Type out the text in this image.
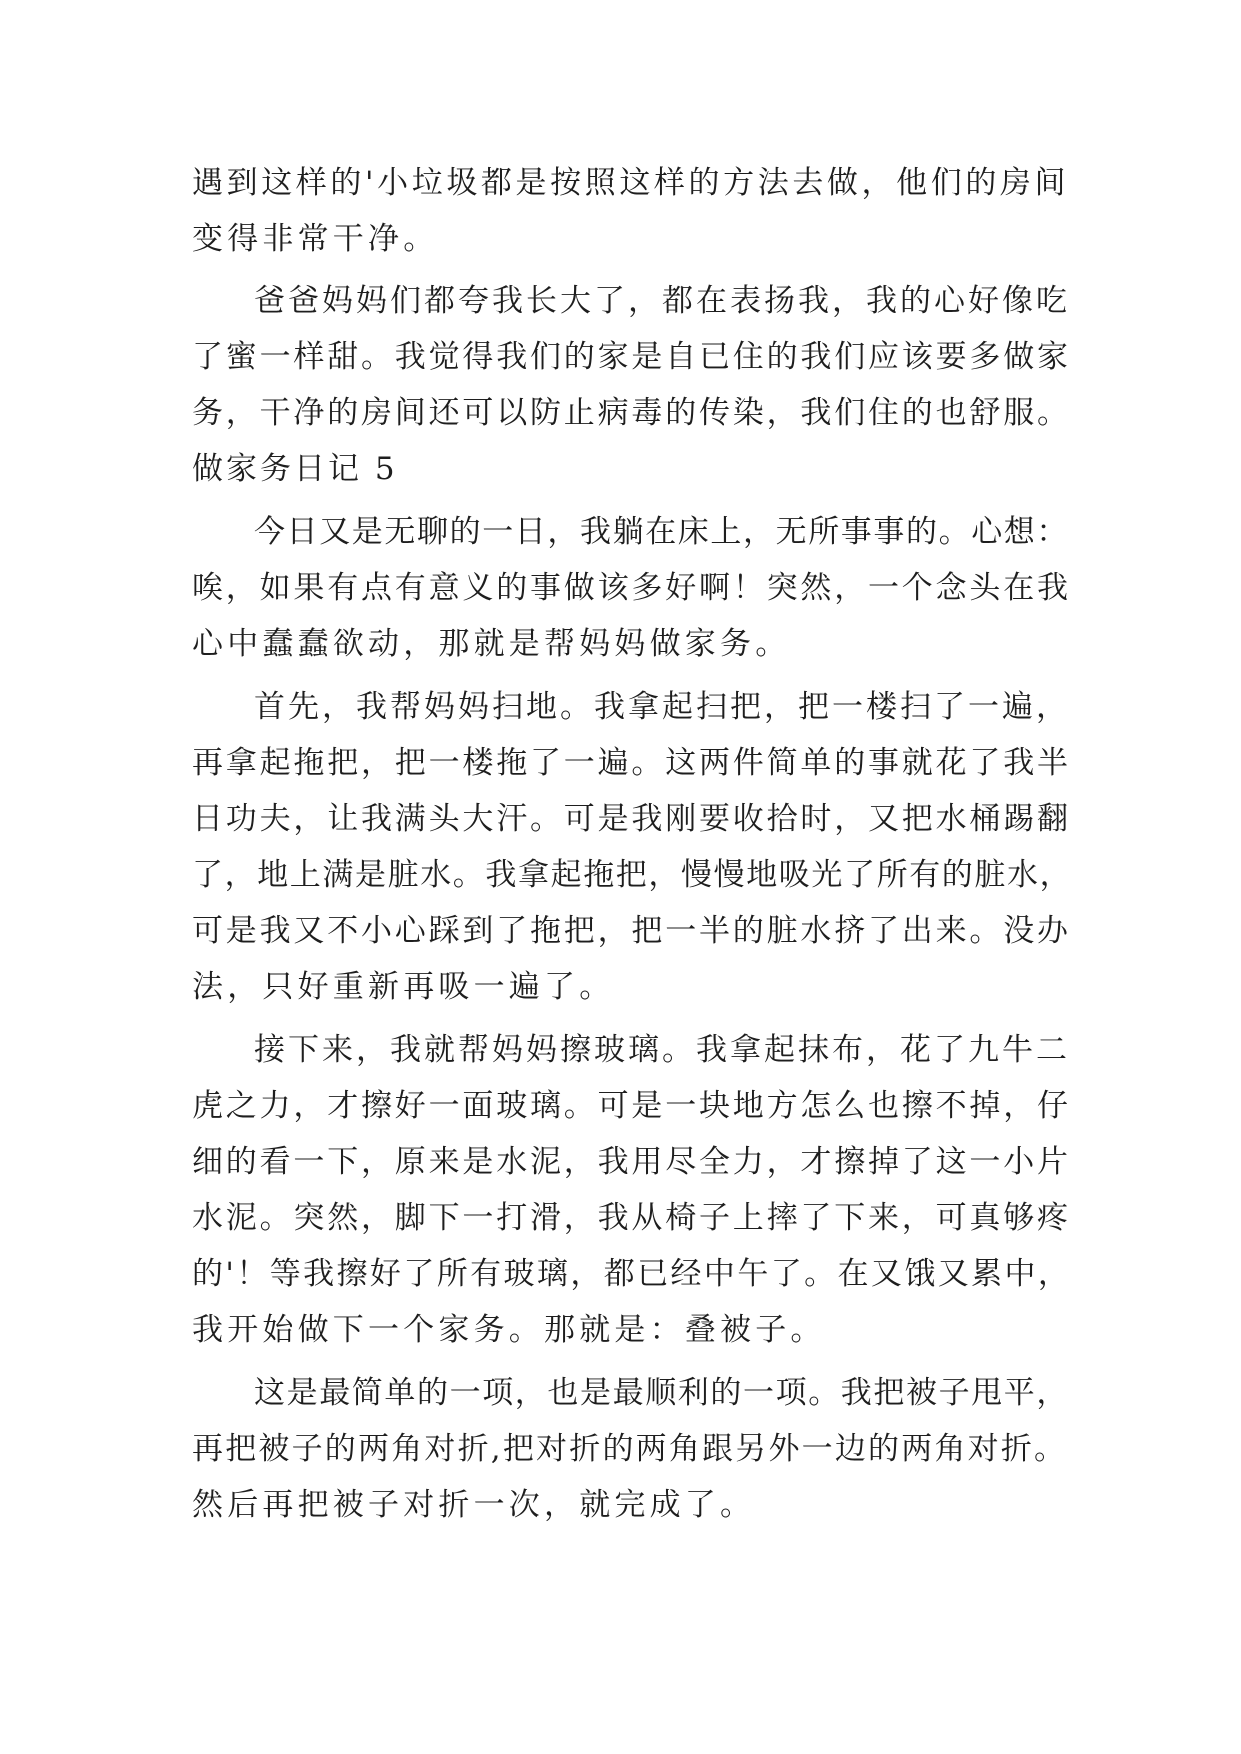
遇到这样的'小垃圾都是按照这样的方法去做，他们的房间
变得非常干净。
爸爸妈妈们都夸我长大了，都在表扬我，我的心好像吃
了蜜一样甜。我觉得我们的家是自已住的我们应该要多做家
务，干净的房间还可以防止病毒的传染，我们住的也舒服。
做家务日记 5
今日又是无聊的一日，我躺在床上，无所事事的。心想：
唉，如果有点有意义的事做该多好啊！突然，一个念头在我
心中蠢蠢欲动，那就是帮妈妈做家务。
首先，我帮妈妈扫地。我拿起扫把，把一楼扫了一遍，
再拿起拖把，把一楼拖了一遍。这两件简单的事就花了我半
日功夫，让我满头大汗。可是我刚要收拾时，又把水桶踢翻
了，地上满是脏水。我拿起拖把，慢慢地吸光了所有的脏水，
可是我又不小心踩到了拖把，把一半的脏水挤了出来。没办
法，只好重新再吸一遍了。
接下来，我就帮妈妈擦玻璃。我拿起抹布，花了九牛二
虎之力，才擦好一面玻璃。可是一块地方怎么也擦不掉，仔
细的看一下，原来是水泥，我用尽全力，才擦掉了这一小片
水泥。突然，脚下一打滑，我从椅子上摔了下来，可真够疼
的'！等我擦好了所有玻璃，都已经中午了。在又饿又累中，
我开始做下一个家务。那就是：叠被子。
这是最简单的一项，也是最顺利的一项。我把被子甩平，
再把被子的两角对折,把对折的两角跟另外一边的两角对折。
然后再把被子对折一次，就完成了。
